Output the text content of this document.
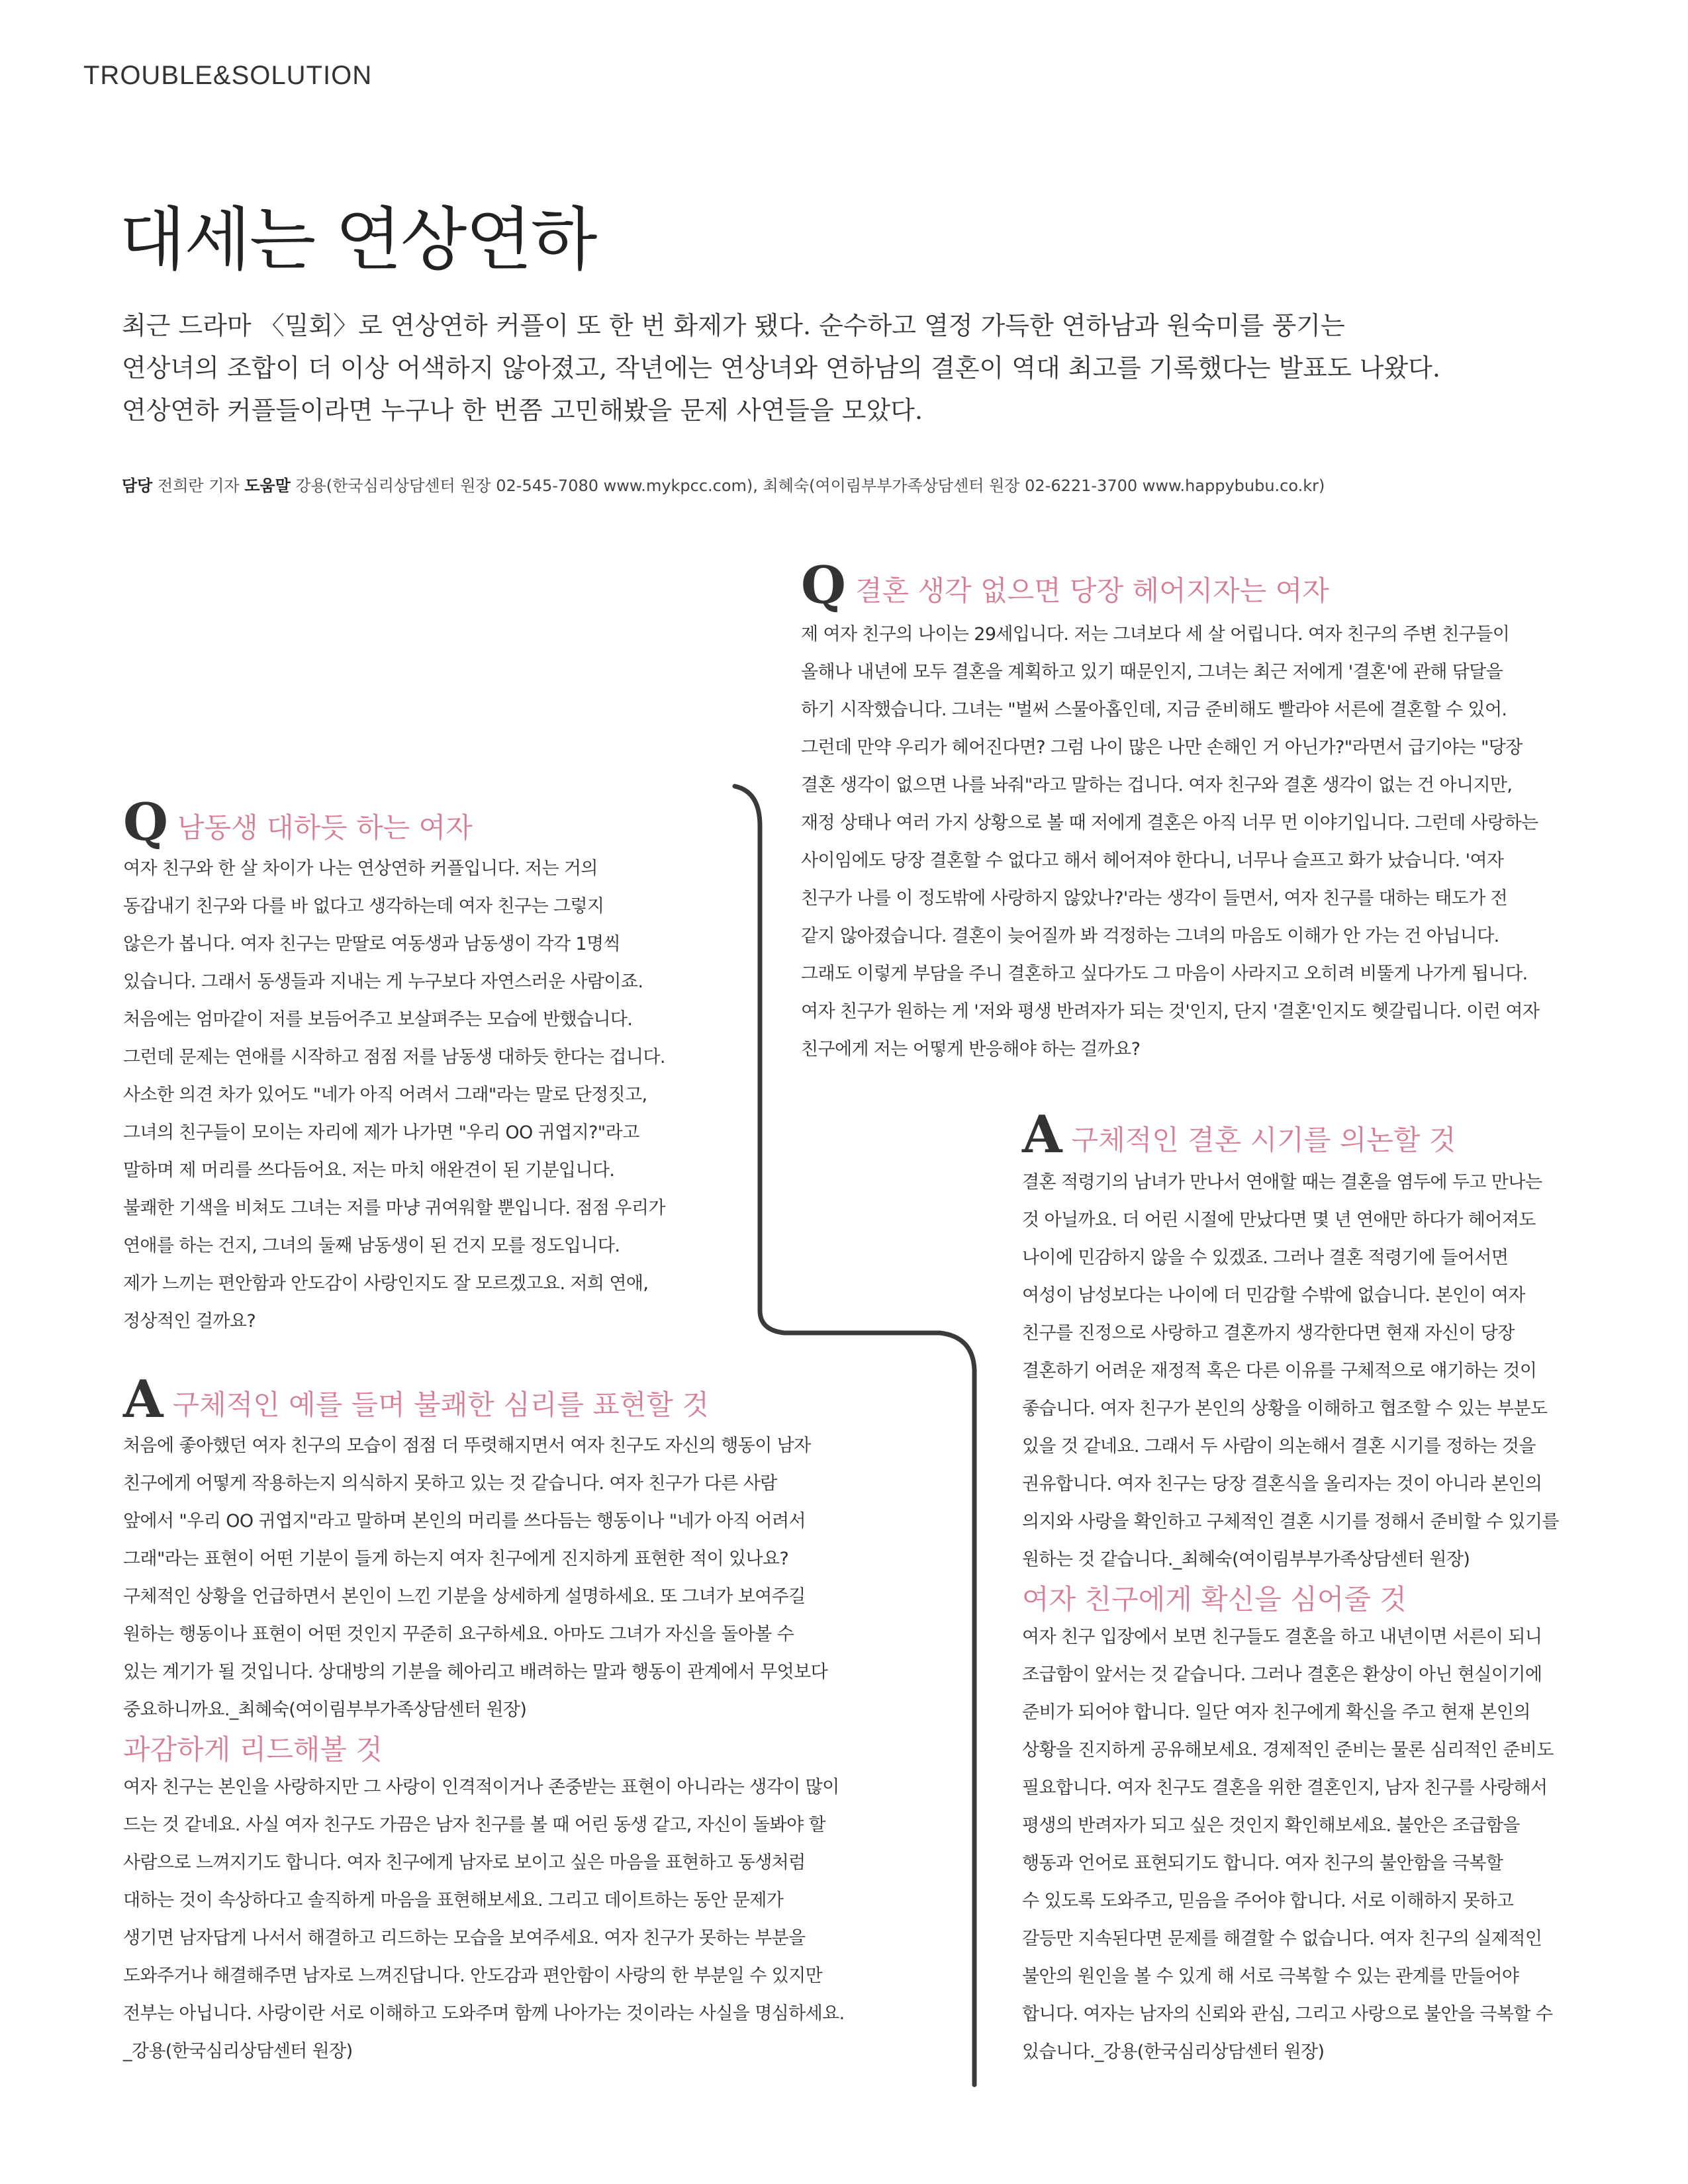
TROUBLE&SOLUTION
대세는 연상연하

최근 드라마 〈밀회〉로 연상연하 커플이 또 한 번 화제가 됐다. 순수하고 열정 가득한 연하남과 원숙미를 풍기는

연상녀의 조합이 더 이상 어색하지 않아졌고, 작년에는 연상녀와 연하남의 결혼이 역대 최고를 기록했다는 발표도 나왔다.

연상연하 커플들이라면 누구나 한 번쯤 고민해봤을 문제 사연들을 모았다.

담당 전희란 기자 도움말 강용(한국심리상담센터 원장 02-545-7080 www.mykpcc.com), 최혜숙(여이림부부가족상담센터 원장 02-6221-3700 www.happybubu.co.kr)
Q 결혼 생각 없으면 당장 헤어지자는 여자

제 여자 친구의 나이는 29세입니다. 저는 그녀보다 세 살 어립니다. 여자 친구의 주변 친구들이

올해나 내년에 모두 결혼을 계획하고 있기 때문인지, 그녀는 최근 저에게 '결혼'에 관해 닦달을

하기 시작했습니다. 그녀는 "벌써 스물아홉인데, 지금 준비해도 빨라야 서른에 결혼할 수 있어.

그런데 만약 우리가 헤어진다면? 그럼 나이 많은 나만 손해인 거 아닌가?"라면서 급기야는 "당장

결혼 생각이 없으면 나를 놔줘"라고 말하는 겁니다. 여자 친구와 결혼 생각이 없는 건 아니지만,

재정 상태나 여러 가지 상황으로 볼 때 저에게 결혼은 아직 너무 먼 이야기입니다. 그런데 사랑하는

사이임에도 당장 결혼할 수 없다고 해서 헤어져야 한다니, 너무나 슬프고 화가 났습니다. '여자

친구가 나를 이 정도밖에 사랑하지 않았나?'라는 생각이 들면서, 여자 친구를 대하는 태도가 전

같지 않아졌습니다. 결혼이 늦어질까 봐 걱정하는 그녀의 마음도 이해가 안 가는 건 아닙니다.

그래도 이렇게 부담을 주니 결혼하고 싶다가도 그 마음이 사라지고 오히려 비뚤게 나가게 됩니다.

여자 친구가 원하는 게 '저와 평생 반려자가 되는 것'인지, 단지 '결혼'인지도 헷갈립니다. 이런 여자

친구에게 저는 어떻게 반응해야 하는 걸까요?

A 구체적인 결혼 시기를 의논할 것

결혼 적령기의 남녀가 만나서 연애할 때는 결혼을 염두에 두고 만나는

것 아닐까요. 더 어린 시절에 만났다면 몇 년 연애만 하다가 헤어져도

나이에 민감하지 않을 수 있겠죠. 그러나 결혼 적령기에 들어서면

여성이 남성보다는 나이에 더 민감할 수밖에 없습니다. 본인이 여자

친구를 진정으로 사랑하고 결혼까지 생각한다면 현재 자신이 당장

결혼하기 어려운 재정적 혹은 다른 이유를 구체적으로 얘기하는 것이

좋습니다. 여자 친구가 본인의 상황을 이해하고 협조할 수 있는 부분도

있을 것 같네요. 그래서 두 사람이 의논해서 결혼 시기를 정하는 것을

권유합니다. 여자 친구는 당장 결혼식을 올리자는 것이 아니라 본인의

의지와 사랑을 확인하고 구체적인 결혼 시기를 정해서 준비할 수 있기를

원하는 것 같습니다._최혜숙(여이림부부가족상담센터 원장)

여자 친구에게 확신을 심어줄 것

여자 친구 입장에서 보면 친구들도 결혼을 하고 내년이면 서른이 되니

조급함이 앞서는 것 같습니다. 그러나 결혼은 환상이 아닌 현실이기에

준비가 되어야 합니다. 일단 여자 친구에게 확신을 주고 현재 본인의

상황을 진지하게 공유해보세요. 경제적인 준비는 물론 심리적인 준비도

필요합니다. 여자 친구도 결혼을 위한 결혼인지, 남자 친구를 사랑해서

평생의 반려자가 되고 싶은 것인지 확인해보세요. 불안은 조급함을

행동과 언어로 표현되기도 합니다. 여자 친구의 불안함을 극복할

수 있도록 도와주고, 믿음을 주어야 합니다. 서로 이해하지 못하고

갈등만 지속된다면 문제를 해결할 수 없습니다. 여자 친구의 실제적인

불안의 원인을 볼 수 있게 해 서로 극복할 수 있는 관계를 만들어야

합니다. 여자는 남자의 신뢰와 관심, 그리고 사랑으로 불안을 극복할 수

있습니다._강용(한국심리상담센터 원장)

Q 남동생 대하듯 하는 여자

여자 친구와 한 살 차이가 나는 연상연하 커플입니다. 저는 거의

동갑내기 친구와 다를 바 없다고 생각하는데 여자 친구는 그렇지

않은가 봅니다. 여자 친구는 맏딸로 여동생과 남동생이 각각 1명씩

있습니다. 그래서 동생들과 지내는 게 누구보다 자연스러운 사람이죠.

처음에는 엄마같이 저를 보듬어주고 보살펴주는 모습에 반했습니다.

그런데 문제는 연애를 시작하고 점점 저를 남동생 대하듯 한다는 겁니다.

사소한 의견 차가 있어도 "네가 아직 어려서 그래"라는 말로 단정짓고,

그녀의 친구들이 모이는 자리에 제가 나가면 "우리 OO 귀엽지?"라고

말하며 제 머리를 쓰다듬어요. 저는 마치 애완견이 된 기분입니다.

불쾌한 기색을 비쳐도 그녀는 저를 마냥 귀여워할 뿐입니다. 점점 우리가

연애를 하는 건지, 그녀의 둘째 남동생이 된 건지 모를 정도입니다.

제가 느끼는 편안함과 안도감이 사랑인지도 잘 모르겠고요. 저희 연애,

정상적인 걸까요?

A 구체적인 예를 들며 불쾌한 심리를 표현할 것

처음에 좋아했던 여자 친구의 모습이 점점 더 뚜렷해지면서 여자 친구도 자신의 행동이 남자

친구에게 어떻게 작용하는지 의식하지 못하고 있는 것 같습니다. 여자 친구가 다른 사람

앞에서 "우리 OO 귀엽지"라고 말하며 본인의 머리를 쓰다듬는 행동이나 "네가 아직 어려서

그래"라는 표현이 어떤 기분이 들게 하는지 여자 친구에게 진지하게 표현한 적이 있나요?

구체적인 상황을 언급하면서 본인이 느낀 기분을 상세하게 설명하세요. 또 그녀가 보여주길

원하는 행동이나 표현이 어떤 것인지 꾸준히 요구하세요. 아마도 그녀가 자신을 돌아볼 수

있는 계기가 될 것입니다. 상대방의 기분을 헤아리고 배려하는 말과 행동이 관계에서 무엇보다

중요하니까요._최혜숙(여이림부부가족상담센터 원장)

과감하게 리드해볼 것

여자 친구는 본인을 사랑하지만 그 사랑이 인격적이거나 존중받는 표현이 아니라는 생각이 많이

드는 것 같네요. 사실 여자 친구도 가끔은 남자 친구를 볼 때 어린 동생 같고, 자신이 돌봐야 할

사람으로 느껴지기도 합니다. 여자 친구에게 남자로 보이고 싶은 마음을 표현하고 동생처럼

대하는 것이 속상하다고 솔직하게 마음을 표현해보세요. 그리고 데이트하는 동안 문제가

생기면 남자답게 나서서 해결하고 리드하는 모습을 보여주세요. 여자 친구가 못하는 부분을

도와주거나 해결해주면 남자로 느껴진답니다. 안도감과 편안함이 사랑의 한 부분일 수 있지만

전부는 아닙니다. 사랑이란 서로 이해하고 도와주며 함께 나아가는 것이라는 사실을 명심하세요.

_강용(한국심리상담센터 원장)
